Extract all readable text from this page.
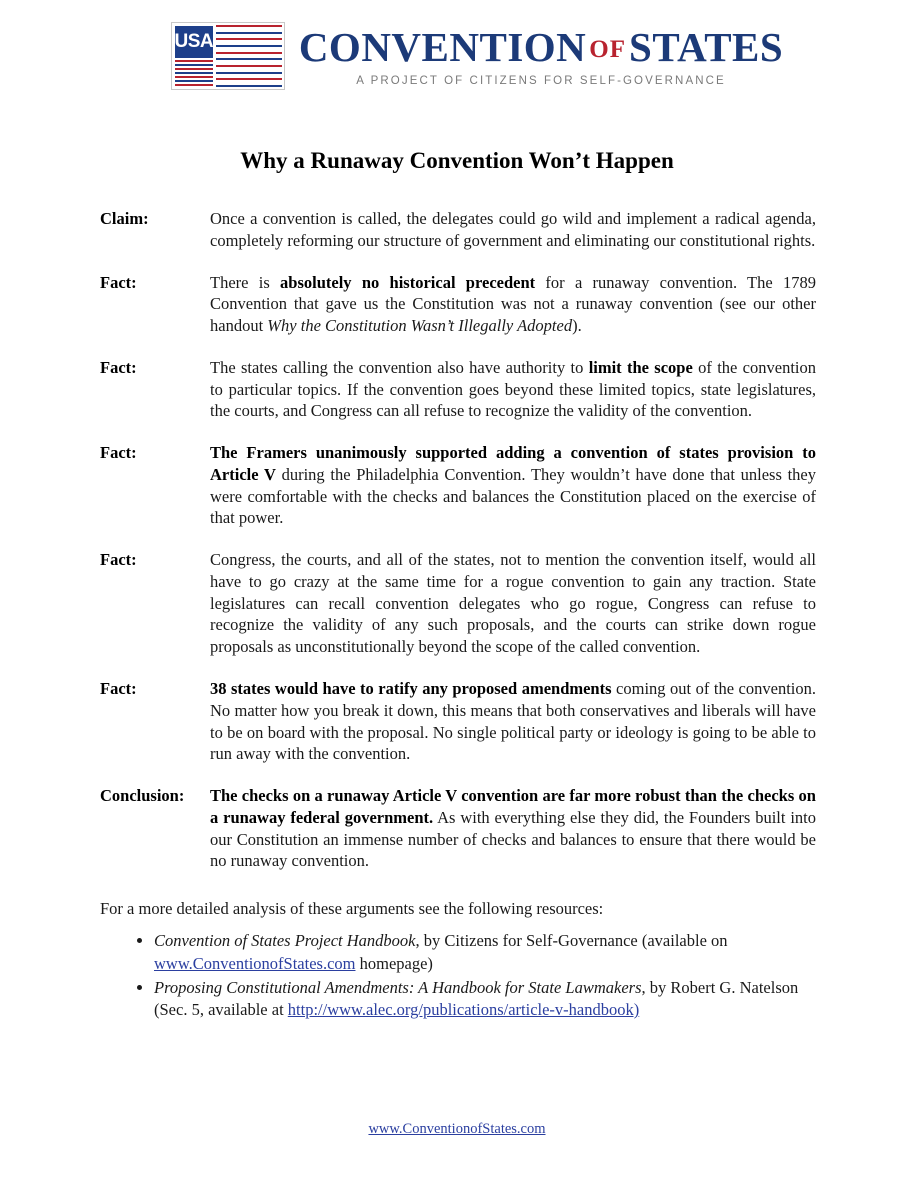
USA CONVENTION OFSTATES
A PROJECT OF CITIZENS FOR SELF-GOVERNANCE
Why a Runaway Convention Won’t Happen
Claim:	Once a convention is called, the delegates could go wild and implement a radical agenda, completely reforming our structure of government and eliminating our constitutional rights.
Fact:	There is absolutely no historical precedent for a runaway convention. The 1789 Convention that gave us the Constitution was not a runaway convention (see our other handout Why the Constitution Wasn’t Illegally Adopted).
Fact:	The states calling the convention also have authority to limit the scope of the convention to particular topics. If the convention goes beyond these limited topics, state legislatures, the courts, and Congress can all refuse to recognize the validity of the convention.
Fact:	The Framers unanimously supported adding a convention of states provision to Article V during the Philadelphia Convention. They wouldn’t have done that unless they were comfortable with the checks and balances the Constitution placed on the exercise of that power.
Fact:	Congress, the courts, and all of the states, not to mention the convention itself, would all have to go crazy at the same time for a rogue convention to gain any traction. State legislatures can recall convention delegates who go rogue, Congress can refuse to recognize the validity of any such proposals, and the courts can strike down rogue proposals as unconstitutionally beyond the scope of the called convention.
Fact:	38 states would have to ratify any proposed amendments coming out of the convention. No matter how you break it down, this means that both conservatives and liberals will have to be on board with the proposal. No single political party or ideology is going to be able to run away with the convention.
Conclusion:	The checks on a runaway Article V convention are far more robust than the checks on a runaway federal government. As with everything else they did, the Founders built into our Constitution an immense number of checks and balances to ensure that there would be no runaway convention.
For a more detailed analysis of these arguments see the following resources:
• Convention of States Project Handbook, by Citizens for Self-Governance (available on www.ConventionofStates.com homepage)
• Proposing Constitutional Amendments: A Handbook for State Lawmakers, by Robert G. Natelson (Sec. 5, available at http://www.alec.org/publications/article-v-handbook)
www.ConventionofStates.com
